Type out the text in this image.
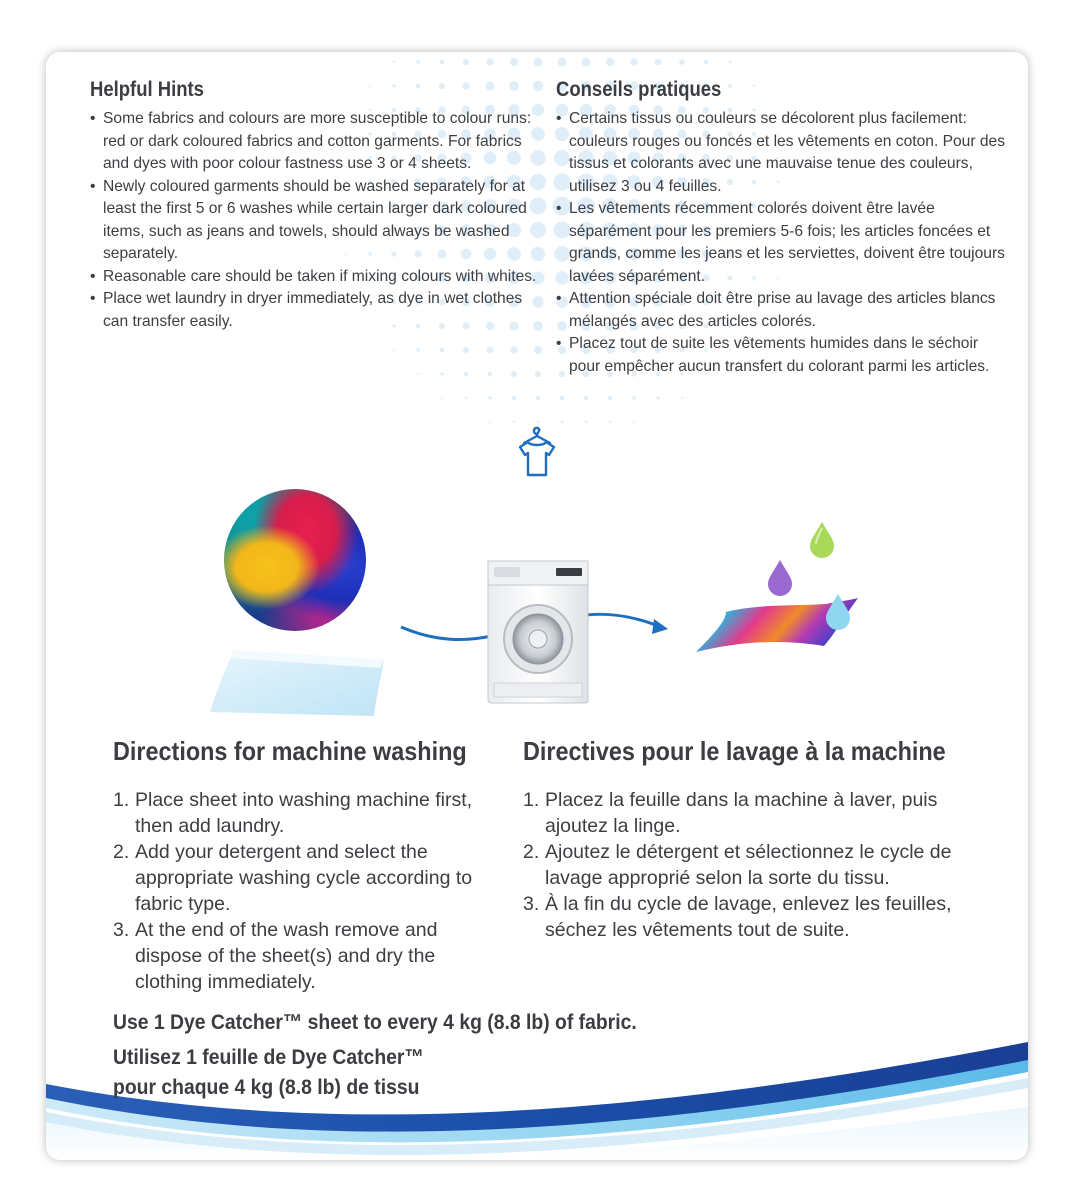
Helpful Hints
• Some fabrics and colours are more susceptible to colour runs: red or dark coloured fabrics and cotton garments. For fabrics and dyes with poor colour fastness use 3 or 4 sheets.
• Newly coloured garments should be washed separately for at least the first 5 or 6 washes while certain larger dark coloured items, such as jeans and towels, should always be washed separately.
• Reasonable care should be taken if mixing colours with whites.
• Place wet laundry in dryer immediately, as dye in wet clothes can transfer easily.
Conseils pratiques
• Certains tissus ou couleurs se décolorent plus facilement: couleurs rouges ou foncés et les vêtements en coton. Pour des tissus et colorants avec une mauvaise tenue des couleurs, utilisez 3 ou 4 feuilles.
• Les vêtements récemment colorés doivent être lavée séparément pour les premiers 5-6 fois; les articles foncées et grands, comme les jeans et les serviettes, doivent être toujours lavées séparément.
• Attention spéciale doit être prise au lavage des articles blancs mélangés avec des articles colorés.
• Placez tout de suite les vêtements humides dans le séchoir pour empêcher aucun transfert du colorant parmi les articles.
Directions for machine washing
1. Place sheet into washing machine first, then add laundry.
2. Add your detergent and select the appropriate washing cycle according to fabric type.
3. At the end of the wash remove and dispose of the sheet(s) and dry the clothing immediately.
Directives pour le lavage à la machine
1. Placez la feuille dans la machine à laver, puis ajoutez la linge.
2. Ajoutez le détergent et sélectionnez le cycle de lavage approprié selon la sorte du tissu.
3. À la fin du cycle de lavage, enlevez les feuilles, séchez les vêtements tout de suite.
Use 1 Dye Catcher™ sheet to every 4 kg (8.8 lb) of fabric.
Utilisez 1 feuille de Dye Catcher™
pour chaque 4 kg (8.8 lb) de tissu
